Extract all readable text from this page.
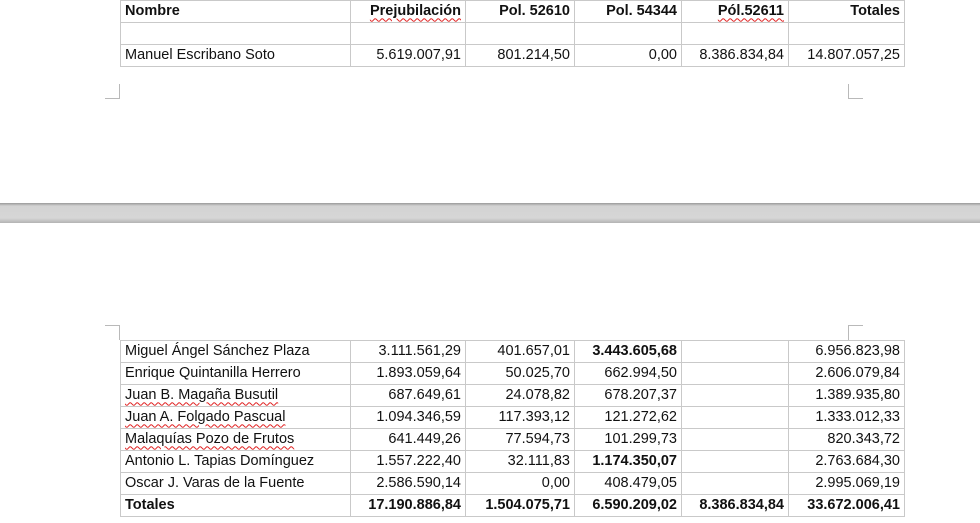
Nombre	Prejubilación	Pol. 52610	Pol. 54344	Pól.52611	Totales

Manuel Escribano Soto	5.619.007,91	801.214,50	0,00	8.386.834,84	14.807.057,25
Miguel Ángel Sánchez Plaza	3.111.561,29	401.657,01	3.443.605,68		6.956.823,98
Enrique Quintanilla Herrero	1.893.059,64	50.025,70	662.994,50		2.606.079,84
Juan B. Magaña Busutil	687.649,61	24.078,82	678.207,37		1.389.935,80
Juan A. Folgado Pascual	1.094.346,59	117.393,12	121.272,62		1.333.012,33
Malaquías Pozo de Frutos	641.449,26	77.594,73	101.299,73		820.343,72
Antonio L. Tapias Domínguez	1.557.222,40	32.111,83	1.174.350,07		2.763.684,30
Oscar J. Varas de la Fuente	2.586.590,14	0,00	408.479,05		2.995.069,19
Totales	17.190.886,84	1.504.075,71	6.590.209,02	8.386.834,84	33.672.006,41
